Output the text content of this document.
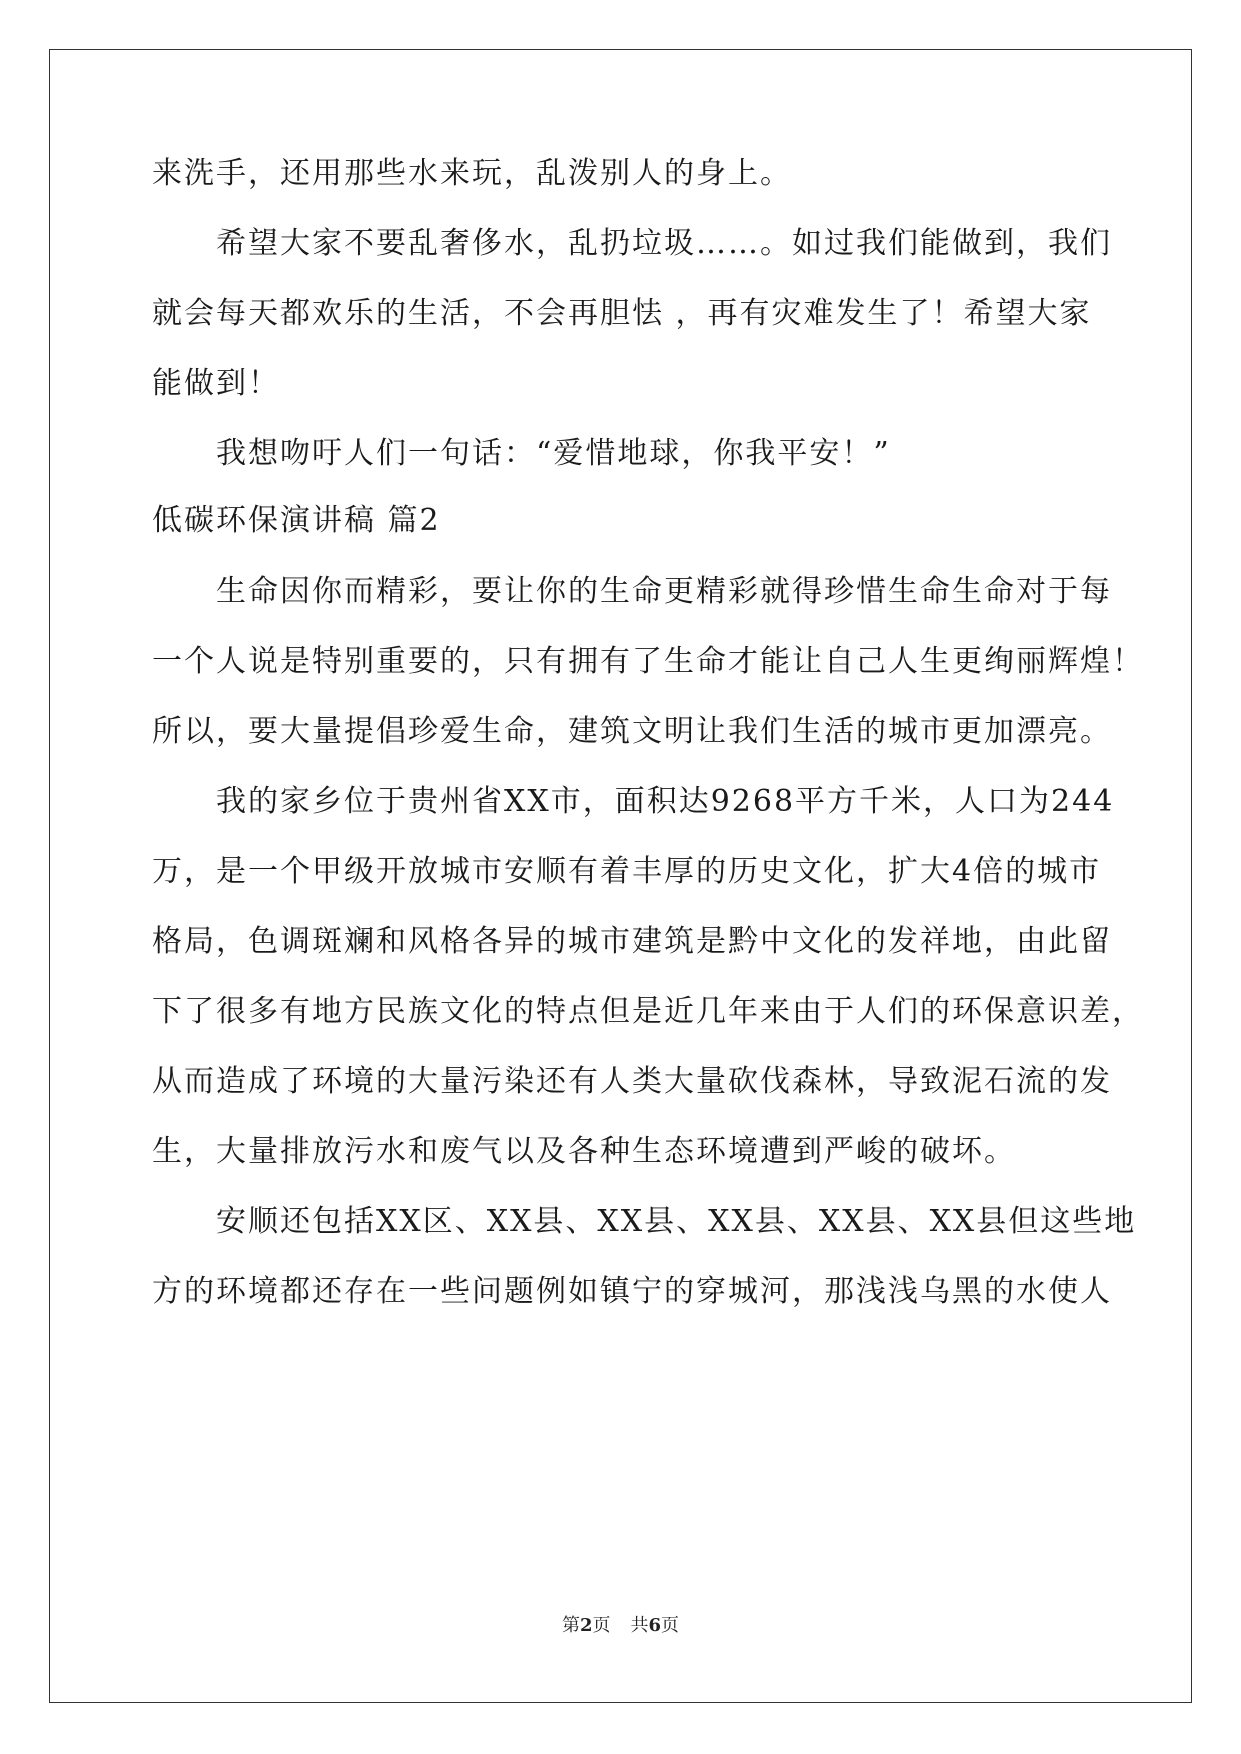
来洗手，还用那些水来玩，乱泼别人的身上。
希望大家不要乱奢侈水，乱扔垃圾……。如过我们能做到，我们
就会每天都欢乐的生活，不会再胆怯 ，再有灾难发生了！希望大家
能做到！
我想吻吁人们一句话：“爱惜地球，你我平安！”
低碳环保演讲稿 篇2
生命因你而精彩，要让你的生命更精彩就得珍惜生命生命对于每
一个人说是特别重要的，只有拥有了生命才能让自己人生更绚丽辉煌！
所以，要大量提倡珍爱生命，建筑文明让我们生活的城市更加漂亮。
我的家乡位于贵州省XX市，面积达9268平方千米，人口为244
万，是一个甲级开放城市安顺有着丰厚的历史文化，扩大4倍的城市
格局，色调斑斓和风格各异的城市建筑是黔中文化的发祥地，由此留
下了很多有地方民族文化的特点但是近几年来由于人们的环保意识差，
从而造成了环境的大量污染还有人类大量砍伐森林，导致泥石流的发
生，大量排放污水和废气以及各种生态环境遭到严峻的破坏。
安顺还包括XX区、XX县、XX县、XX县、XX县、XX县但这些地
方的环境都还存在一些问题例如镇宁的穿城河，那浅浅乌黑的水使人
第2页 共6页
